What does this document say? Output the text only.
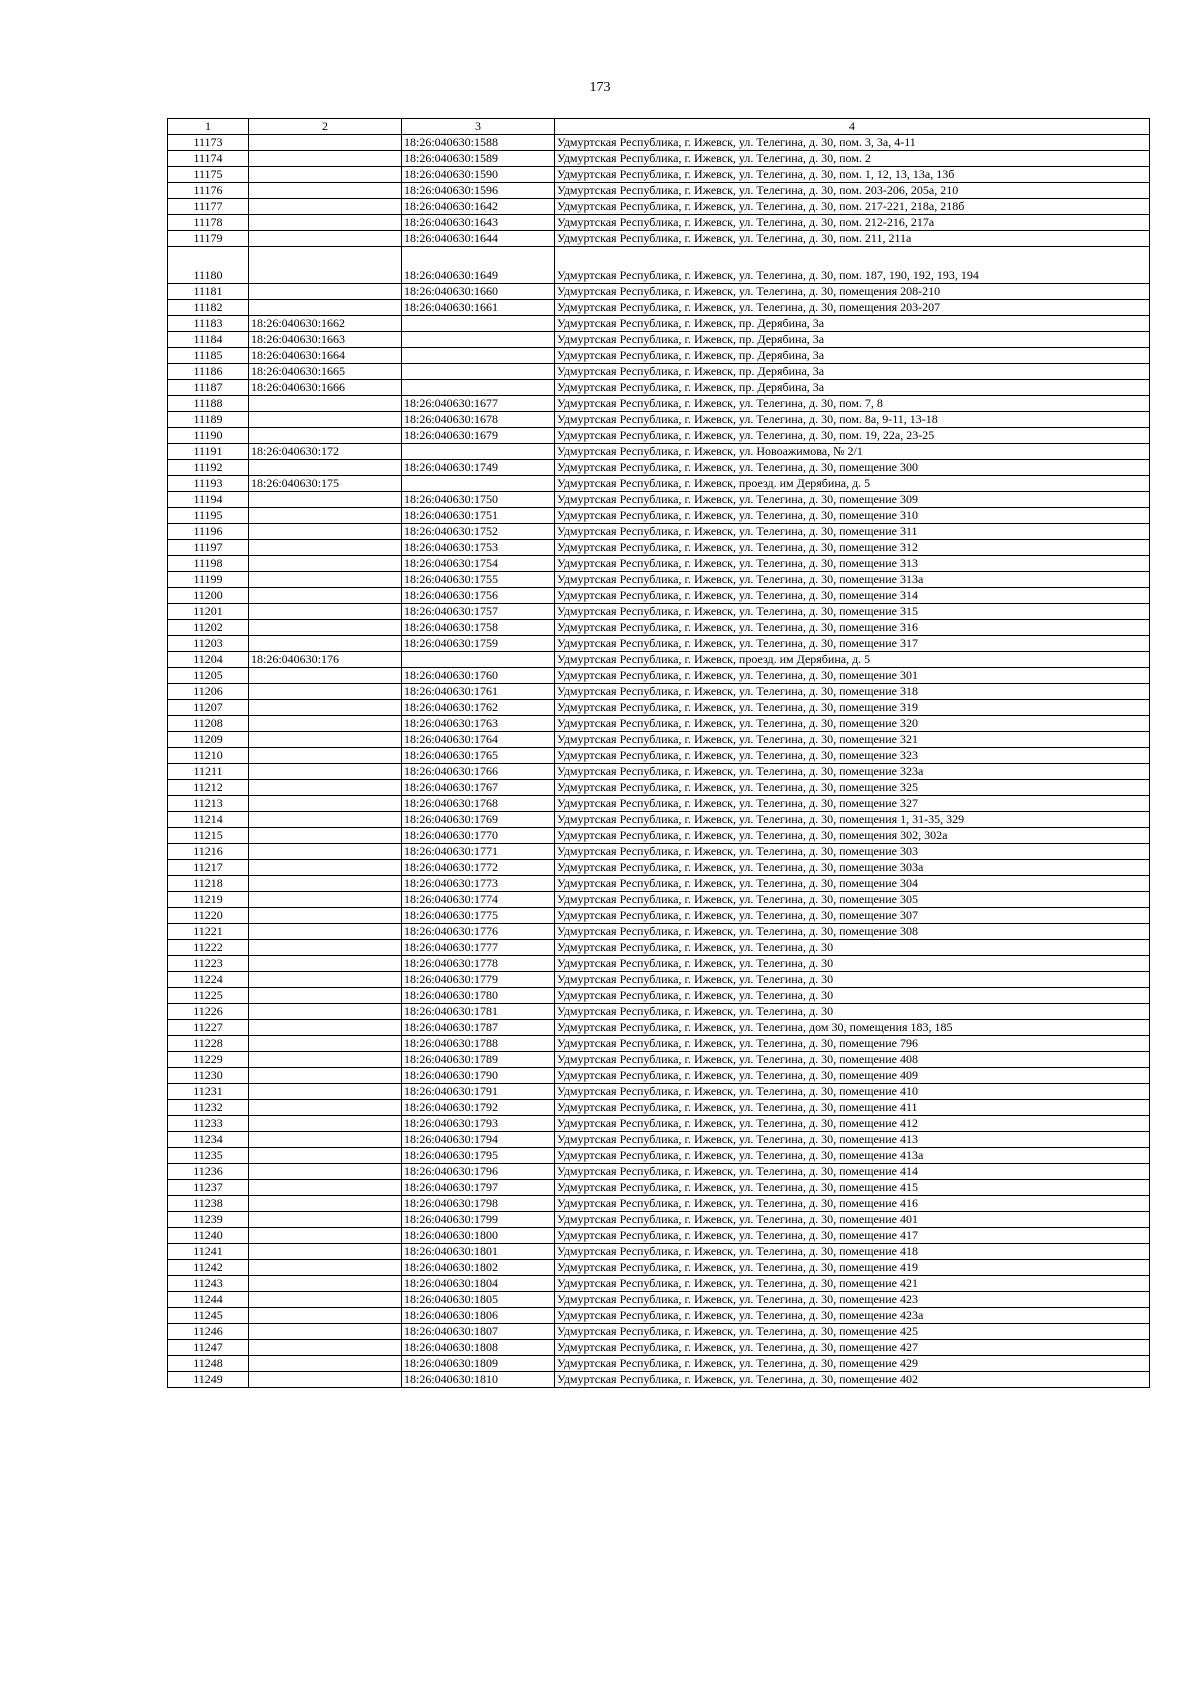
173
1	2	3	4
11173		18:26:040630:1588	Удмуртская Республика, г. Ижевск, ул. Телегина, д. 30, пом. 3, 3а, 4-11
11174		18:26:040630:1589	Удмуртская Республика, г. Ижевск, ул. Телегина, д. 30, пом. 2
11175		18:26:040630:1590	Удмуртская Республика, г. Ижевск, ул. Телегина, д. 30, пом. 1, 12, 13, 13а, 13б
11176		18:26:040630:1596	Удмуртская Республика, г. Ижевск, ул. Телегина, д. 30, пом. 203-206, 205а, 210
11177		18:26:040630:1642	Удмуртская Республика, г. Ижевск, ул. Телегина, д. 30, пом. 217-221, 218а, 218б
11178		18:26:040630:1643	Удмуртская Республика, г. Ижевск, ул. Телегина, д. 30, пом. 212-216, 217а
11179		18:26:040630:1644	Удмуртская Республика, г. Ижевск, ул. Телегина, д. 30, пом. 211, 211а
11180		18:26:040630:1649	Удмуртская Республика, г. Ижевск, ул. Телегина, д. 30, пом. 187, 190, 192, 193, 194
11181		18:26:040630:1660	Удмуртская Республика, г. Ижевск, ул. Телегина, д. 30, помещения 208-210
11182		18:26:040630:1661	Удмуртская Республика, г. Ижевск, ул. Телегина, д. 30, помещения 203-207
11183	18:26:040630:1662		Удмуртская Республика, г. Ижевск, пр. Дерябина, 3а
11184	18:26:040630:1663		Удмуртская Республика, г. Ижевск, пр. Дерябина, 3а
11185	18:26:040630:1664		Удмуртская Республика, г. Ижевск, пр. Дерябина, 3а
11186	18:26:040630:1665		Удмуртская Республика, г. Ижевск, пр. Дерябина, 3а
11187	18:26:040630:1666		Удмуртская Республика, г. Ижевск, пр. Дерябина, 3а
11188		18:26:040630:1677	Удмуртская Республика, г. Ижевск, ул. Телегина, д. 30, пом. 7, 8
11189		18:26:040630:1678	Удмуртская Республика, г. Ижевск, ул. Телегина, д. 30, пом. 8а, 9-11, 13-18
11190		18:26:040630:1679	Удмуртская Республика, г. Ижевск, ул. Телегина, д. 30, пом. 19, 22а, 23-25
11191	18:26:040630:172		Удмуртская Республика, г. Ижевск, ул. Новоажимова, № 2/1
11192		18:26:040630:1749	Удмуртская Республика, г. Ижевск, ул. Телегина, д. 30, помещение 300
11193	18:26:040630:175		Удмуртская Республика, г. Ижевск, проезд. им Дерябина, д. 5
11194		18:26:040630:1750	Удмуртская Республика, г. Ижевск, ул. Телегина, д. 30, помещение 309
11195		18:26:040630:1751	Удмуртская Республика, г. Ижевск, ул. Телегина, д. 30, помещение 310
11196		18:26:040630:1752	Удмуртская Республика, г. Ижевск, ул. Телегина, д. 30, помещение 311
11197		18:26:040630:1753	Удмуртская Республика, г. Ижевск, ул. Телегина, д. 30, помещение 312
11198		18:26:040630:1754	Удмуртская Республика, г. Ижевск, ул. Телегина, д. 30, помещение 313
11199		18:26:040630:1755	Удмуртская Республика, г. Ижевск, ул. Телегина, д. 30, помещение 313а
11200		18:26:040630:1756	Удмуртская Республика, г. Ижевск, ул. Телегина, д. 30, помещение 314
11201		18:26:040630:1757	Удмуртская Республика, г. Ижевск, ул. Телегина, д. 30, помещение 315
11202		18:26:040630:1758	Удмуртская Республика, г. Ижевск, ул. Телегина, д. 30, помещение 316
11203		18:26:040630:1759	Удмуртская Республика, г. Ижевск, ул. Телегина, д. 30, помещение 317
11204	18:26:040630:176		Удмуртская Республика, г. Ижевск, проезд. им Дерябина, д. 5
11205		18:26:040630:1760	Удмуртская Республика, г. Ижевск, ул. Телегина, д. 30, помещение 301
11206		18:26:040630:1761	Удмуртская Республика, г. Ижевск, ул. Телегина, д. 30, помещение 318
11207		18:26:040630:1762	Удмуртская Республика, г. Ижевск, ул. Телегина, д. 30, помещение 319
11208		18:26:040630:1763	Удмуртская Республика, г. Ижевск, ул. Телегина, д. 30, помещение 320
11209		18:26:040630:1764	Удмуртская Республика, г. Ижевск, ул. Телегина, д. 30, помещение 321
11210		18:26:040630:1765	Удмуртская Республика, г. Ижевск, ул. Телегина, д. 30, помещение 323
11211		18:26:040630:1766	Удмуртская Республика, г. Ижевск, ул. Телегина, д. 30, помещение 323а
11212		18:26:040630:1767	Удмуртская Республика, г. Ижевск, ул. Телегина, д. 30, помещение 325
11213		18:26:040630:1768	Удмуртская Республика, г. Ижевск, ул. Телегина, д. 30, помещение 327
11214		18:26:040630:1769	Удмуртская Республика, г. Ижевск, ул. Телегина, д. 30, помещения 1, 31-35, 329
11215		18:26:040630:1770	Удмуртская Республика, г. Ижевск, ул. Телегина, д. 30, помещения 302, 302а
11216		18:26:040630:1771	Удмуртская Республика, г. Ижевск, ул. Телегина, д. 30, помещение 303
11217		18:26:040630:1772	Удмуртская Республика, г. Ижевск, ул. Телегина, д. 30, помещение 303а
11218		18:26:040630:1773	Удмуртская Республика, г. Ижевск, ул. Телегина, д. 30, помещение 304
11219		18:26:040630:1774	Удмуртская Республика, г. Ижевск, ул. Телегина, д. 30, помещение 305
11220		18:26:040630:1775	Удмуртская Республика, г. Ижевск, ул. Телегина, д. 30, помещение 307
11221		18:26:040630:1776	Удмуртская Республика, г. Ижевск, ул. Телегина, д. 30, помещение 308
11222		18:26:040630:1777	Удмуртская Республика, г. Ижевск, ул. Телегина, д. 30
11223		18:26:040630:1778	Удмуртская Республика, г. Ижевск, ул. Телегина, д. 30
11224		18:26:040630:1779	Удмуртская Республика, г. Ижевск, ул. Телегина, д. 30
11225		18:26:040630:1780	Удмуртская Республика, г. Ижевск, ул. Телегина, д. 30
11226		18:26:040630:1781	Удмуртская Республика, г. Ижевск, ул. Телегина, д. 30
11227		18:26:040630:1787	Удмуртская Республика, г. Ижевск, ул. Телегина, дом 30, помещения 183, 185
11228		18:26:040630:1788	Удмуртская Республика, г. Ижевск, ул. Телегина, д. 30, помещение 796
11229		18:26:040630:1789	Удмуртская Республика, г. Ижевск, ул. Телегина, д. 30, помещение 408
11230		18:26:040630:1790	Удмуртская Республика, г. Ижевск, ул. Телегина, д. 30, помещение 409
11231		18:26:040630:1791	Удмуртская Республика, г. Ижевск, ул. Телегина, д. 30, помещение 410
11232		18:26:040630:1792	Удмуртская Республика, г. Ижевск, ул. Телегина, д. 30, помещение 411
11233		18:26:040630:1793	Удмуртская Республика, г. Ижевск, ул. Телегина, д. 30, помещение 412
11234		18:26:040630:1794	Удмуртская Республика, г. Ижевск, ул. Телегина, д. 30, помещение 413
11235		18:26:040630:1795	Удмуртская Республика, г. Ижевск, ул. Телегина, д. 30, помещение 413а
11236		18:26:040630:1796	Удмуртская Республика, г. Ижевск, ул. Телегина, д. 30, помещение 414
11237		18:26:040630:1797	Удмуртская Республика, г. Ижевск, ул. Телегина, д. 30, помещение 415
11238		18:26:040630:1798	Удмуртская Республика, г. Ижевск, ул. Телегина, д. 30, помещение 416
11239		18:26:040630:1799	Удмуртская Республика, г. Ижевск, ул. Телегина, д. 30, помещение 401
11240		18:26:040630:1800	Удмуртская Республика, г. Ижевск, ул. Телегина, д. 30, помещение 417
11241		18:26:040630:1801	Удмуртская Республика, г. Ижевск, ул. Телегина, д. 30, помещение 418
11242		18:26:040630:1802	Удмуртская Республика, г. Ижевск, ул. Телегина, д. 30, помещение 419
11243		18:26:040630:1804	Удмуртская Республика, г. Ижевск, ул. Телегина, д. 30, помещение 421
11244		18:26:040630:1805	Удмуртская Республика, г. Ижевск, ул. Телегина, д. 30, помещение 423
11245		18:26:040630:1806	Удмуртская Республика, г. Ижевск, ул. Телегина, д. 30, помещение 423а
11246		18:26:040630:1807	Удмуртская Республика, г. Ижевск, ул. Телегина, д. 30, помещение 425
11247		18:26:040630:1808	Удмуртская Республика, г. Ижевск, ул. Телегина, д. 30, помещение 427
11248		18:26:040630:1809	Удмуртская Республика, г. Ижевск, ул. Телегина, д. 30, помещение 429
11249		18:26:040630:1810	Удмуртская Республика, г. Ижевск, ул. Телегина, д. 30, помещение 402
